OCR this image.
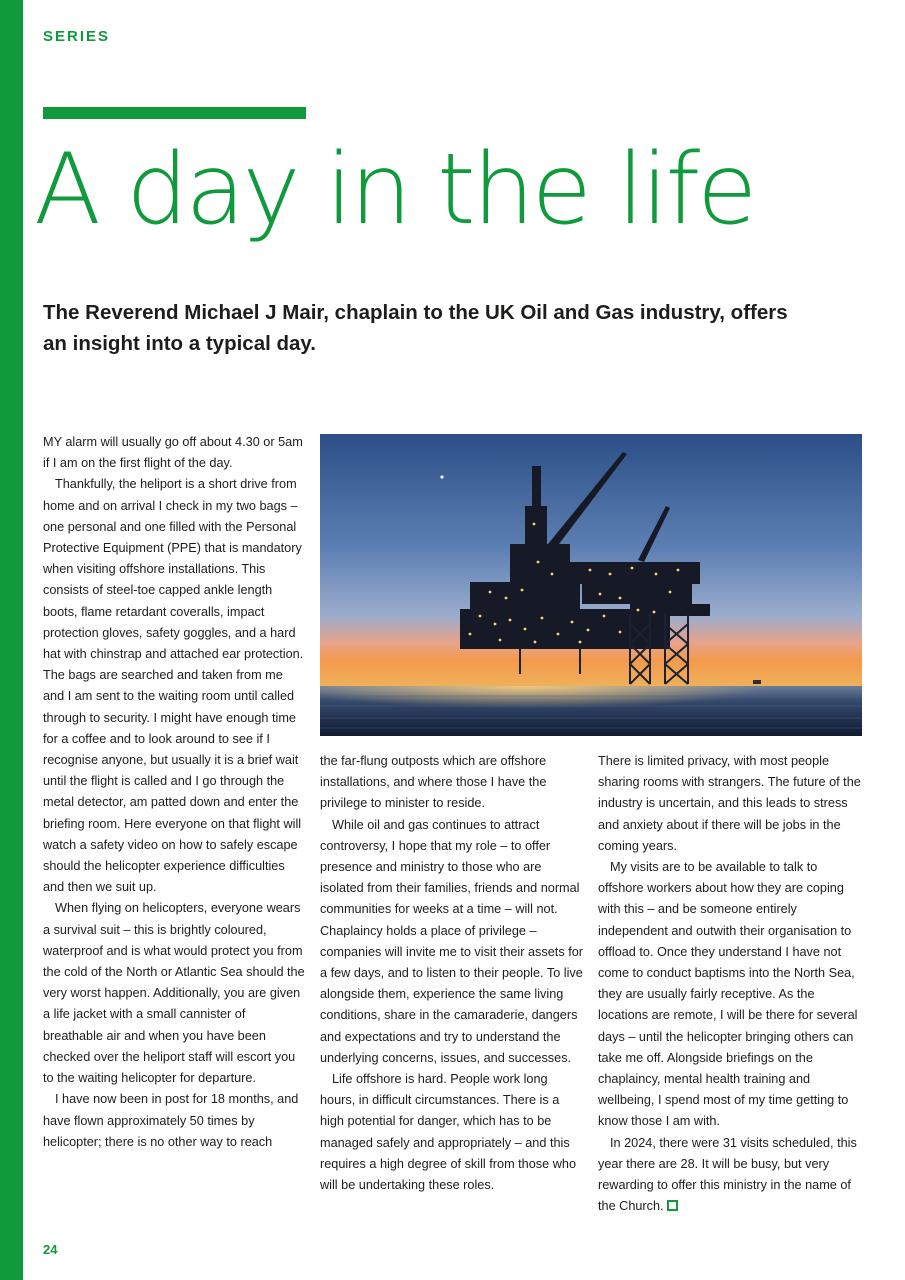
SERIES
A day in the life

The Reverend Michael J Mair, chaplain to the UK Oil and Gas industry, offers an insight into a typical day.

MY alarm will usually go off about 4.30 or 5am if I am on the first flight of the day.

Thankfully, the heliport is a short drive from home and on arrival I check in my two bags – one personal and one filled with the Personal Protective Equipment (PPE) that is mandatory when visiting offshore installations. This consists of steel-toe capped ankle length boots, flame retardant coveralls, impact protection gloves, safety goggles, and a hard hat with chinstrap and attached ear protection. The bags are searched and taken from me and I am sent to the waiting room until called through to security. I might have enough time for a coffee and to look around to see if I recognise anyone, but usually it is a brief wait until the flight is called and I go through the metal detector, am patted down and enter the briefing room. Here everyone on that flight will watch a safety video on how to safely escape should the helicopter experience difficulties and then we suit up.

When flying on helicopters, everyone wears a survival suit – this is brightly coloured, waterproof and is what would protect you from the cold of the North or Atlantic Sea should the very worst happen. Additionally, you are given a life jacket with a small cannister of breathable air and when you have been checked over the heliport staff will escort you to the waiting helicopter for departure.

I have now been in post for 18 months, and have flown approximately 50 times by helicopter; there is no other way to reach

the far-flung outposts which are offshore installations, and where those I have the privilege to minister to reside.

While oil and gas continues to attract controversy, I hope that my role – to offer presence and ministry to those who are isolated from their families, friends and normal communities for weeks at a time – will not. Chaplaincy holds a place of privilege – companies will invite me to visit their assets for a few days, and to listen to their people. To live alongside them, experience the same living conditions, share in the camaraderie, dangers and expectations and try to understand the underlying concerns, issues, and successes.

Life offshore is hard. People work long hours, in difficult circumstances. There is a high potential for danger, which has to be managed safely and appropriately – and this requires a high degree of skill from those who will be undertaking these roles.

There is limited privacy, with most people sharing rooms with strangers. The future of the industry is uncertain, and this leads to stress and anxiety about if there will be jobs in the coming years.

My visits are to be available to talk to offshore workers about how they are coping with this – and be someone entirely independent and outwith their organisation to offload to. Once they understand I have not come to conduct baptisms into the North Sea, they are usually fairly receptive. As the locations are remote, I will be there for several days – until the helicopter bringing others can take me off. Alongside briefings on the chaplaincy, mental health training and wellbeing, I spend most of my time getting to know those I am with.

In 2024, there were 31 visits scheduled, this year there are 28. It will be busy, but very rewarding to offer this ministry in the name of the Church.

24
